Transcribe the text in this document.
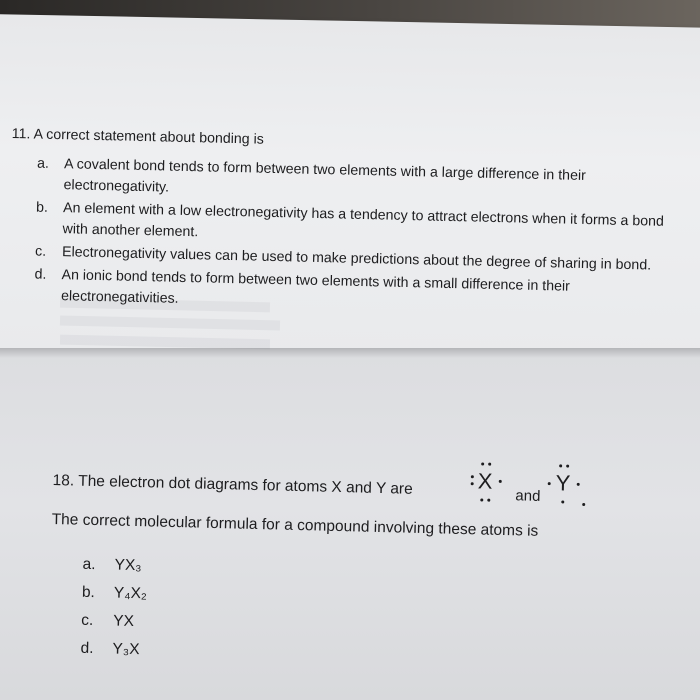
11. A correct statement about bonding is
a. A covalent bond tends to form between two elements with a large difference in their electronegativity.
b. An element with a low electronegativity has a tendency to attract electrons when it forms a bond with another element.
c. Electronegativity values can be used to make predictions about the degree of sharing in bond.
d. An ionic bond tends to form between two elements with a small difference in their electronegativities.
18. The electron dot diagrams for atoms X and Y are	X
and
Y
The correct molecular formula for a compound involving these atoms is
a. YX₃
b. Y₄X₂
c. YX
d. Y₃X
